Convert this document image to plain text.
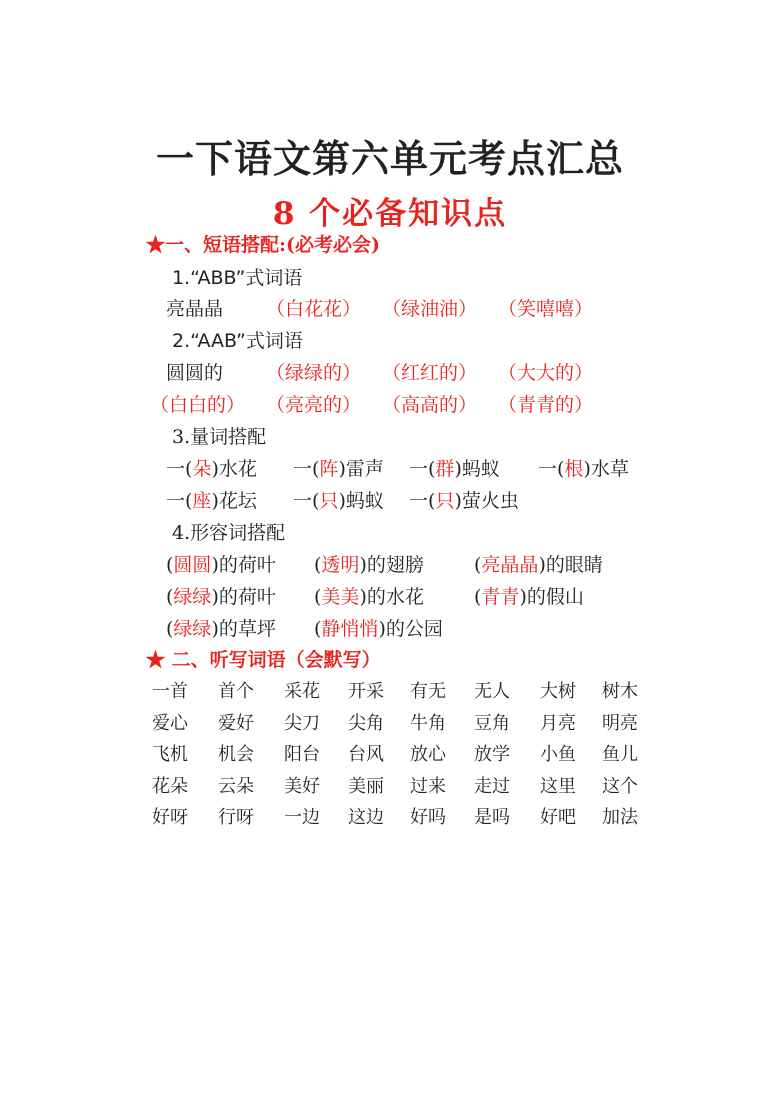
一下语文第六单元考点汇总
8 个必备知识点
★一、短语搭配:(必考必会)
1.“ABB”式词语
亮晶晶 （白花花） （绿油油） （笑嘻嘻）
2.“AAB”式词语
圆圆的 （绿绿的） （红红的） （大大的）
（白白的） （亮亮的） （高高的） （青青的）
3.量词搭配
一(朵)水花 一(阵)雷声 一(群)蚂蚁 一(根)水草
一(座)花坛 一(只)蚂蚁 一(只)萤火虫
4.形容词搭配
(圆圆)的荷叶 (透明)的翅膀	(亮晶晶)的眼睛
(绿绿)的荷叶 (美美)的水花	(青青)的假山
(绿绿)的草坪 (静悄悄)的公园
★ 二、听写词语（会默写）
一首 首个 采花 开采 有无 无人 大树 树木
爱心 爱好 尖刀 尖角 牛角 豆角 月亮 明亮
飞机 机会 阳台 台风 放心 放学 小鱼 鱼儿
花朵 云朵 美好 美丽 过来 走过 这里 这个
好呀 行呀 一边 这边 好吗 是吗 好吧 加法
